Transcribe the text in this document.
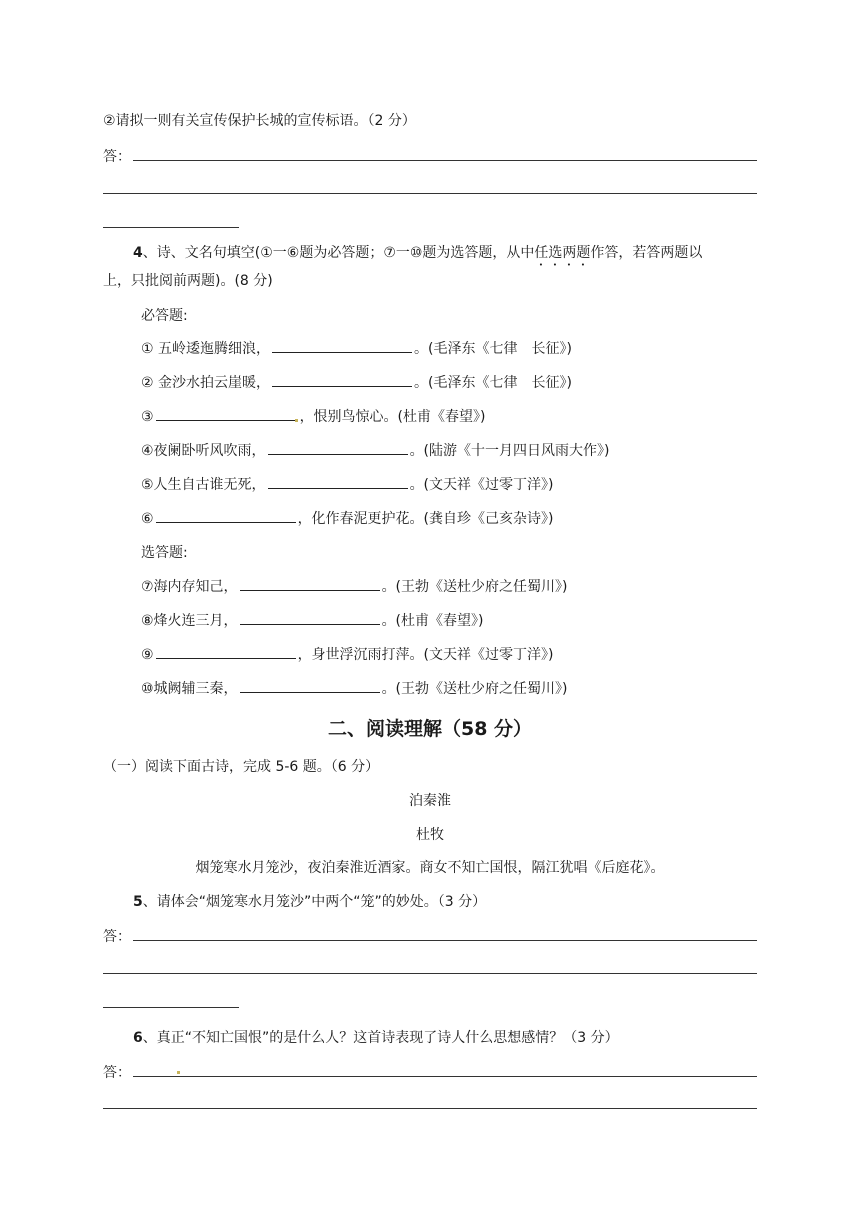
②请拟一则有关宣传保护长城的宣传标语。（2 分）
答：
4、诗、文名句填空(①一⑥题为必答题；⑦一⑩题为选答题，从中任选两题作答，若答两题以
上，只批阅前两题)。(8 分)
必答题:
① 五岭逶迤腾细浪，	。(毛泽东《七律　长征》)
② 金沙水拍云崖暖，	。(毛泽东《七律　长征》)
③	，恨别鸟惊心。(杜甫《春望》)
④夜阑卧听风吹雨，	。(陆游《十一月四日风雨大作》)
⑤人生自古谁无死，	。(文天祥《过零丁洋》)
⑥	，化作春泥更护花。(龚自珍《己亥杂诗》)
选答题:
⑦海内存知己，	。(王勃《送杜少府之任蜀川》)
⑧烽火连三月，	。(杜甫《春望》)
⑨	，身世浮沉雨打萍。(文天祥《过零丁洋》)
⑩城阙辅三秦，	。(王勃《送杜少府之任蜀川》)
二、阅读理解（58 分）
（一）阅读下面古诗，完成 5-6 题。（6 分）
泊秦淮
杜牧
烟笼寒水月笼沙，夜泊秦淮近酒家。商女不知亡国恨，隔江犹唱《后庭花》。
5、请体会“烟笼寒水月笼沙”中两个“笼”的妙处。（3 分）
答：
6、真正“不知亡国恨”的是什么人？这首诗表现了诗人什么思想感情？（3 分）
答：
